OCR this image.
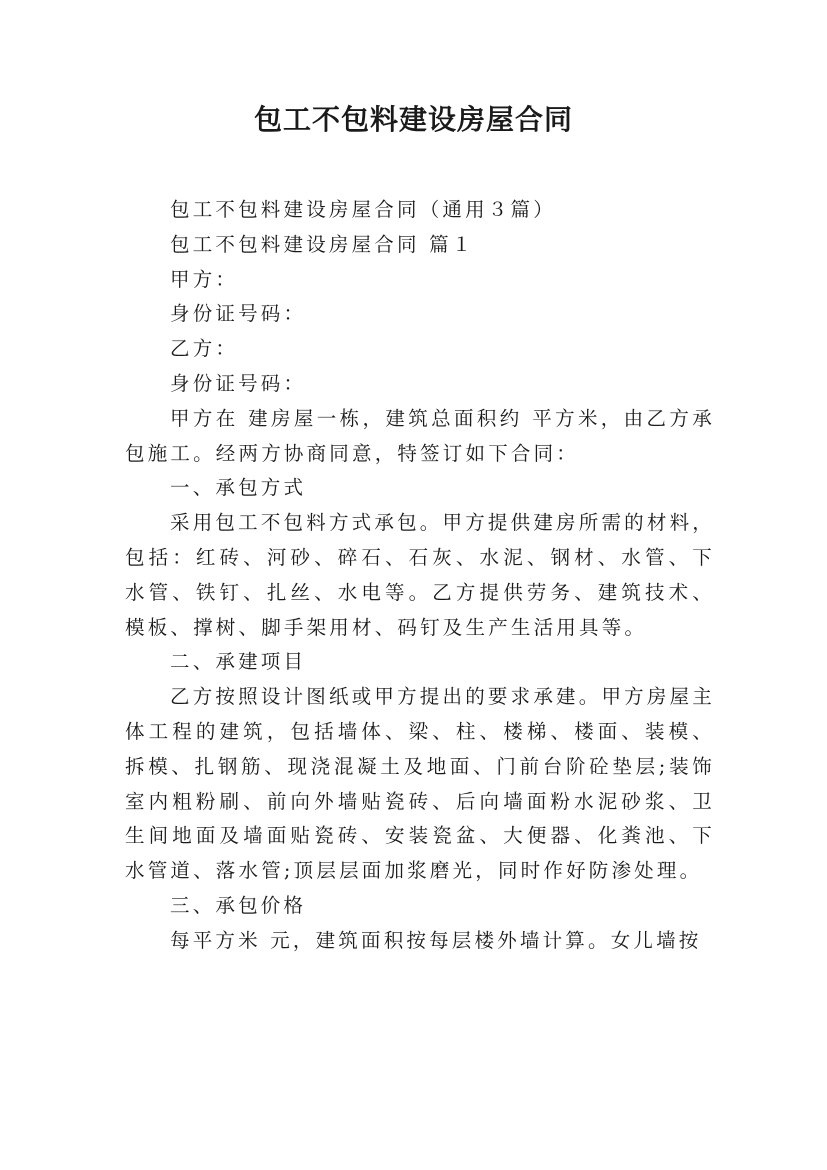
包工不包料建设房屋合同

包工不包料建设房屋合同（通用３篇）

包工不包料建设房屋合同 篇１

甲方：

身份证号码：

乙方：

身份证号码：

甲方在 建房屋一栋，建筑总面积约 平方米，由乙方承包施工。经两方协商同意，特签订如下合同：

一、承包方式

采用包工不包料方式承包。甲方提供建房所需的材料，包括：红砖、河砂、碎石、石灰、水泥、钢材、水管、下水管、铁钉、扎丝、水电等。乙方提供劳务、建筑技术、模板、撑树、脚手架用材、码钉及生产生活用具等。

二、承建项目

乙方按照设计图纸或甲方提出的要求承建。甲方房屋主体工程的建筑，包括墙体、梁、柱、楼梯、楼面、装模、拆模、扎钢筋、现浇混凝土及地面、门前台阶砼垫层;装饰室内粗粉刷、前向外墙贴瓷砖、后向墙面粉水泥砂浆、卫生间地面及墙面贴瓷砖、安装瓷盆、大便器、化粪池、下水管道、落水管;顶层层面加浆磨光，同时作好防渗处理。

三、承包价格

每平方米 元，建筑面积按每层楼外墙计算。女儿墙按
